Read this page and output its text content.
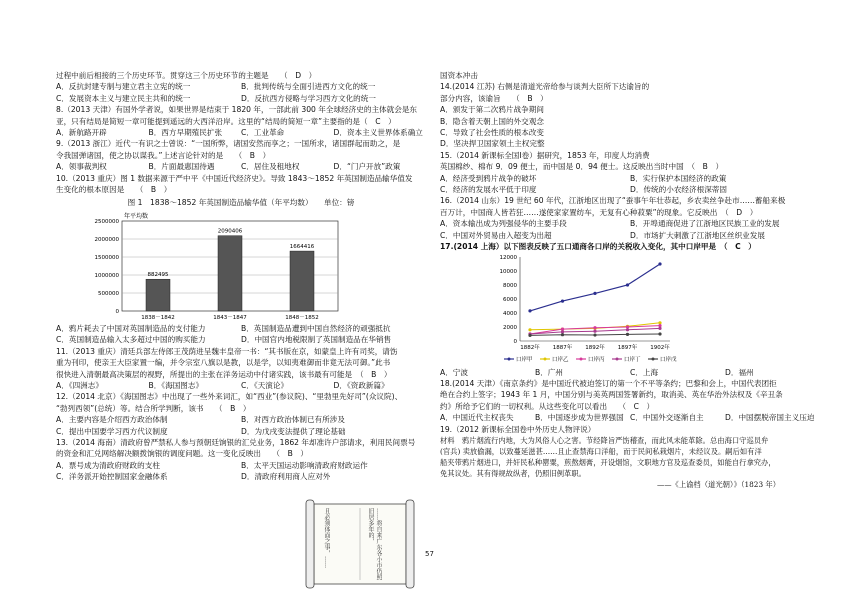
过程中前后相接的三个历史环节。贯穿这三个历史环节的主题是　　（　D　）
A．反抗封建专制与建立君主立宪的统一	B．批判传统与全面引进西方文化的统一
C．发展资本主义与建立民主共和的统一	D．反抗西方侵略与学习西方文化的统一
8.（2013 天津）有国外学者说，如果世界是结束于 1820 年，一部此前 300 年全球经济史的主体就会是东
亚，只有结局是简短一章可能提到遥远的大西洋沿岸。这里的“结局的简短一章”主要指的是（　C　）
A．新航路开辟	B．西方早期殖民扩张	C．工业革命	D．资本主义世界体系确立
9.（2013 浙江）近代一有识之士曾说：“一国所弊，诸国安然而享之；一国所求，诸国群起而助之，是
令我国弹诸国，使之协以谋我。”上述言论针对的是　　（　B　）
A．领事裁判权	B．片面最惠国待遇	C．居住及租地权	D．“门户开放”政策
10.（2013 重庆）图 1 数据来源于严中平《中国近代经济史》。导致 1843～1852 年英国制造品输华值发
生变化的根本原因是　　（　B　）
图 1　1838～1852 年英国制造品输华值（年平均数）　　单位：镑
2500000
2000000
1500000
1000000
500000
0
年平均数
882495
1838－1842
2090406
1843－1847
1664416
1848－1852
A．鸦片耗去了中国对英国制造品的支付能力	B．英国制造品遭到中国自然经济的顽强抵抗
C．英国制造品输入太多超过中国的购买能力	D．中国官内地税限制了英国制造品在华销售
11.（2013 重庆）清廷兵部左侍郎王茂荫进呈魏丰皇帝一书：“其书版在京，如蒙皇上许有司奖，请饬
重为刊印，使亲王大臣家置一编，并令宗室八旗以是教，以是学，以知夷难御而非竟无法可御。”此书
很快进入清朝最高决策层的视野，所提出的主张在洋务运动中付诸实践，该书最有可能是　（　B　）
A．《四洲志》	B．《海国图志》	C．《天演论》	D．《资政新篇》
12.（2014 北京）《海国图志》中出现了一些外来词汇，如“西业”(参议院)、“里勃里先好司”(众议院)、
“勃列西领”(总统）等。结合所学判断，该书　　（　B　）
A．主要内容是介绍西方政治体制	B．对西方政治体制已有所涉及
C．提出中国要学习西方代议制度	D．为戊戌变法提供了理论基础
13.（2014 海南）清政府曾严禁私人参与预朝廷饷银的汇兑业务，1862 年却准许户部请求，利用民间票号
的资金和汇兑网络解决额拨饷银的调度问题。这一变化反映出　　（　B　）
A．票号成为清政府财政的支柱	B．太平天国运动影响清政府财政运作
C．洋务派开始控制国家金融体系	D．清政府利用商人应对外
国资本冲击
14.(2014 江苏) 右侧是清道光帝给参与谈判大臣所下达谕旨的
部分内容，该谕旨　　（　B　）
A．颁发于第二次鸦片战争期间
B．隐含着天朝上国的外交观念
C．导致了社会性质的根本改变
D．坚决捍卫国家领土主权完整
15.（2014 新课标全国Ⅰ卷）据研究，1853 年，印度人均消费
英国棉纱、棉布 9．09 便士，而中国是 0．94 便士。这反映出当时中国　（　B　）
A．经济受到鸦片战争的破坏	B．实行保护本国经济的政策
C．经济的发展水平低于印度	D．传统的小农经济根深蒂固
16.（2014 山东）19 世纪 60 年代，江浙地区出现了“蚕事午年壮恭起，乡农卖丝争赴市……蓄船来极
百万计，中国商人皆若狂……遂使家家置纺车，无复有心种菽粟”的现象。它反映出　（　D　）
A．资本输出成为列强侵华的主要手段	B．开埠通商促进了江浙地区民族工业的发展
C．中国对外贸易由入超变为出超	D．市场扩大刺激了江浙地区丝织业发展
17.(2014 上海）以下图表反映了五口通商各口岸的关税收入变化，其中口岸甲是　（　C　）
12000
10000
8000
6000
4000
2000
0
1882年 1887年 1892年 1897年 1902年
口岸甲	口岸乙	口岸丙	口岸丁	口岸戊
A．宁波	B．广州	C．上海	D．福州
18.(2014 天津）《南京条约》是中国近代被迫签订的第一个不平等条约；巴黎和会上，中国代表团拒
绝在合约上签字；1943 年 1 月，中国分别与美英两国签署新约，取消美、英在华治外法权及《辛丑条
约》所给予它们的一切权利。从这些变化可以看出　　（　C　）
A．中国近代主权丧失	B．中国逐步成为世界强国 C．中国外交逐渐自主	D．中国摆脱帝国主义压迫
19.（2012 新课标全国卷中外历史人物评说）
材料　鸦片烟流行内地，大为风俗人心之害。节经降旨严饬稽查，而此风未能革除。总由海口守巡员弁
(官兵) 卖放偷漏，以致蔓延滋甚……且止查禁海口洋船，而于民间私栽烟片，未经议及。嗣后如有洋
船夹带鸦片烟进口，并奸民私种罂粟，煎熬烟膏，开设烟馆，文职地方官及巡查委员，如能自行拿究办，
免其议处。其有得规故纵者，仍照旧例革职。
——《上谕档（道光朝）》（1823 年）
……将自来广东各小市仍照旧居多年的，
且必须体面之事，……	57
